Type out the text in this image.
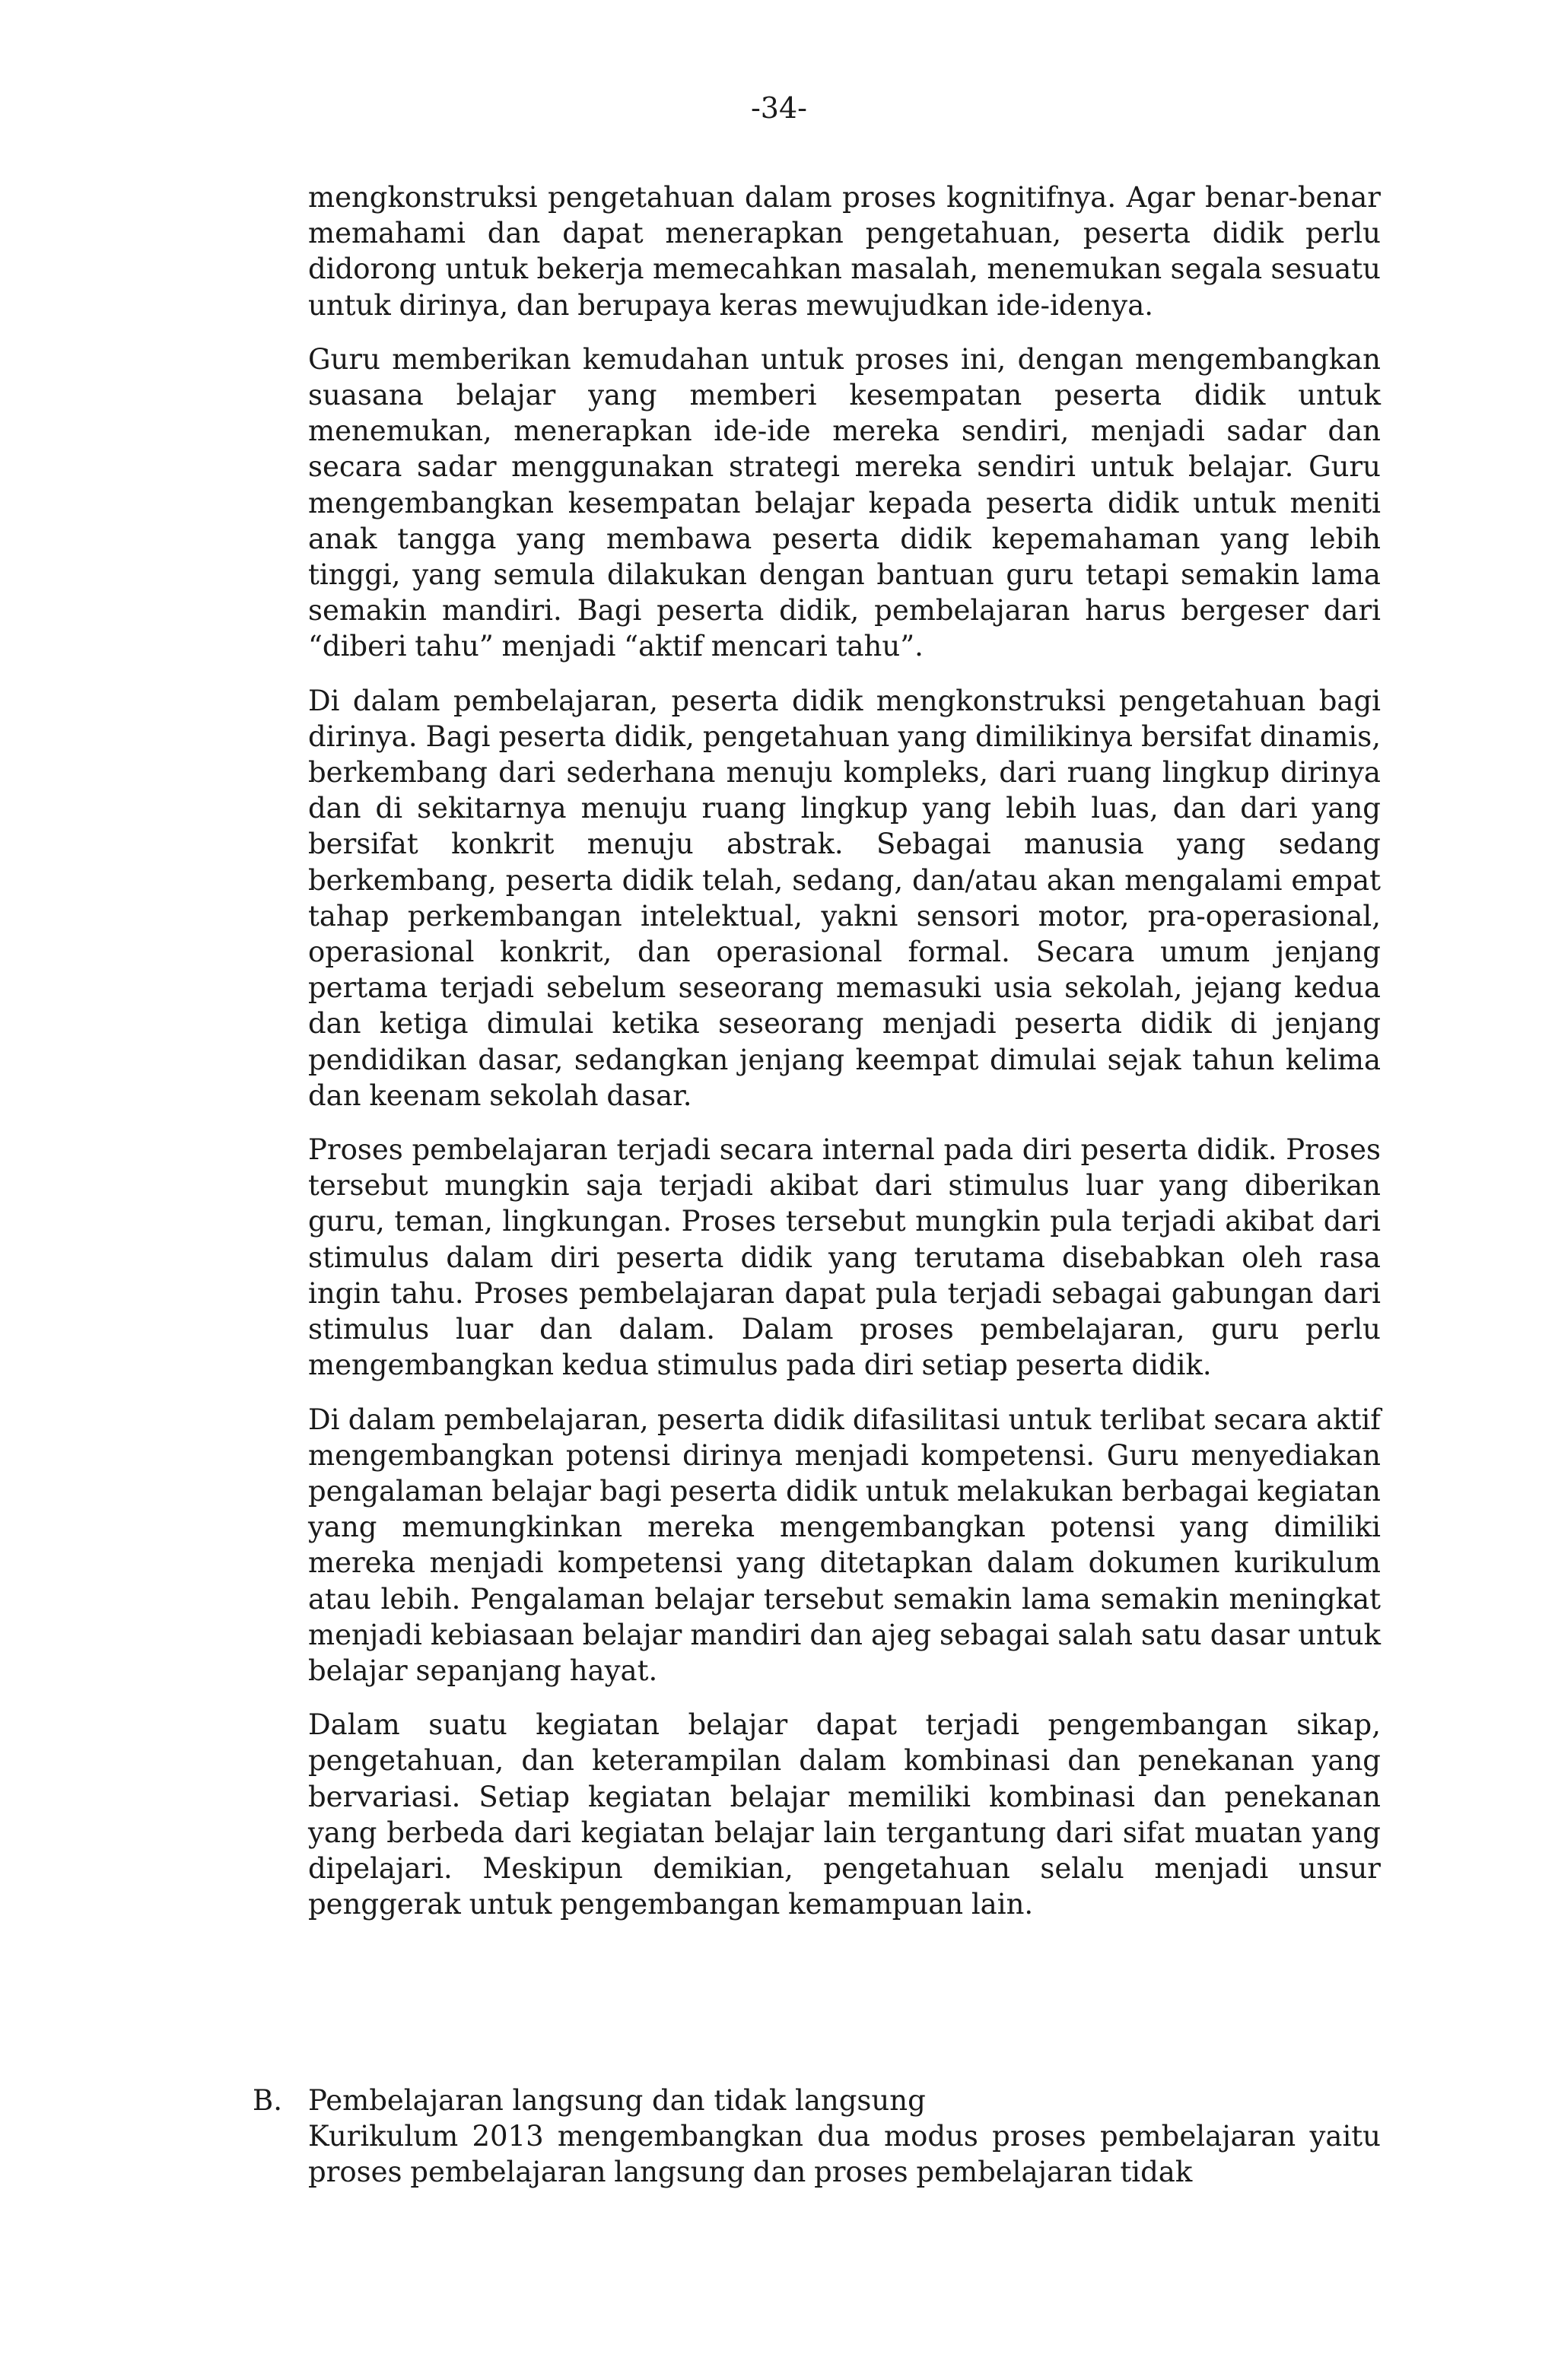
-34-

mengkonstruksi pengetahuan dalam proses kognitifnya. Agar benar-benar memahami dan dapat menerapkan pengetahuan, peserta didik perlu didorong untuk bekerja memecahkan masalah, menemukan segala sesuatu untuk dirinya, dan berupaya keras mewujudkan ide-idenya.

Guru memberikan kemudahan untuk proses ini, dengan mengembangkan suasana belajar yang memberi kesempatan peserta didik untuk menemukan, menerapkan ide-ide mereka sendiri, menjadi sadar dan secara sadar menggunakan strategi mereka sendiri untuk belajar. Guru mengembangkan kesempatan belajar kepada peserta didik untuk meniti anak tangga yang membawa peserta didik kepemahaman yang lebih tinggi, yang semula dilakukan dengan bantuan guru tetapi semakin lama semakin mandiri. Bagi peserta didik, pembelajaran harus bergeser dari “diberi tahu” menjadi “aktif mencari tahu”.

Di dalam pembelajaran, peserta didik mengkonstruksi pengetahuan bagi dirinya. Bagi peserta didik, pengetahuan yang dimilikinya bersifat dinamis, berkembang dari sederhana menuju kompleks, dari ruang lingkup dirinya dan di sekitarnya menuju ruang lingkup yang lebih luas, dan dari yang bersifat konkrit menuju abstrak. Sebagai manusia yang sedang berkembang, peserta didik telah, sedang, dan/atau akan mengalami empat tahap perkembangan intelektual, yakni sensori motor, pra-operasional, operasional konkrit, dan operasional formal. Secara umum jenjang pertama terjadi sebelum seseorang memasuki usia sekolah, jejang kedua dan ketiga dimulai ketika seseorang menjadi peserta didik di jenjang pendidikan dasar, sedangkan jenjang keempat dimulai sejak tahun kelima dan keenam sekolah dasar.

Proses pembelajaran terjadi secara internal pada diri peserta didik. Proses tersebut mungkin saja terjadi akibat dari stimulus luar yang diberikan guru, teman, lingkungan. Proses tersebut mungkin pula terjadi akibat dari stimulus dalam diri peserta didik yang terutama disebabkan oleh rasa ingin tahu. Proses pembelajaran dapat pula terjadi sebagai gabungan dari stimulus luar dan dalam. Dalam proses pembelajaran, guru perlu mengembangkan kedua stimulus pada diri setiap peserta didik.

Di dalam pembelajaran, peserta didik difasilitasi untuk terlibat secara aktif mengembangkan potensi dirinya menjadi kompetensi. Guru menyediakan pengalaman belajar bagi peserta didik untuk melakukan berbagai kegiatan yang memungkinkan mereka mengembangkan potensi yang dimiliki mereka menjadi kompetensi yang ditetapkan dalam dokumen kurikulum atau lebih. Pengalaman belajar tersebut semakin lama semakin meningkat menjadi kebiasaan belajar mandiri dan ajeg sebagai salah satu dasar untuk belajar sepanjang hayat.

Dalam suatu kegiatan belajar dapat terjadi pengembangan sikap, pengetahuan, dan keterampilan dalam kombinasi dan penekanan yang bervariasi. Setiap kegiatan belajar memiliki kombinasi dan penekanan yang berbeda dari kegiatan belajar lain tergantung dari sifat muatan yang dipelajari. Meskipun demikian, pengetahuan selalu menjadi unsur penggerak untuk pengembangan kemampuan lain.

B. Pembelajaran langsung dan tidak langsung
Kurikulum 2013 mengembangkan dua modus proses pembelajaran yaitu proses pembelajaran langsung dan proses pembelajaran tidak
